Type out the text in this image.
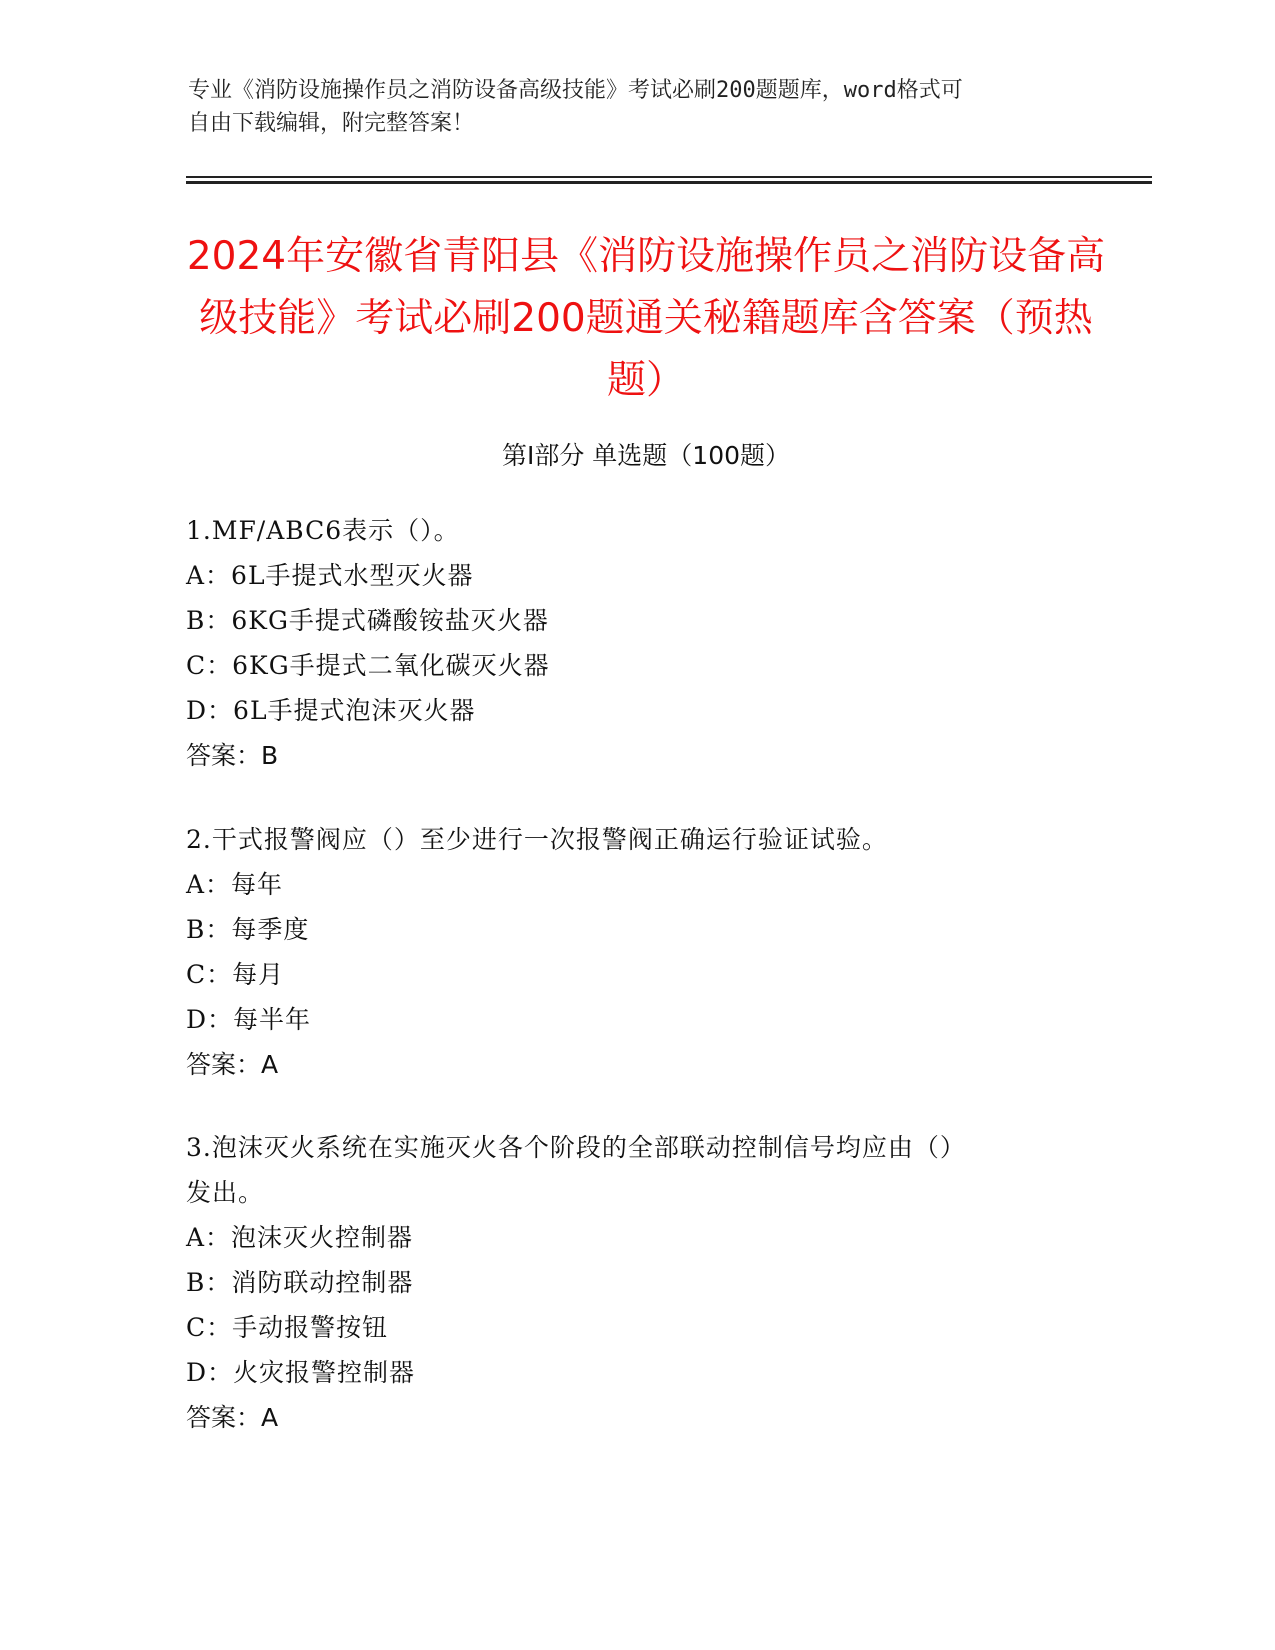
专业《消防设施操作员之消防设备高级技能》考试必刷200题题库，word格式可
自由下载编辑，附完整答案！
2024年安徽省青阳县《消防设施操作员之消防设备高级技能》考试必刷200题通关秘籍题库含答案（预热题）
第Ⅰ部分 单选题（100题）

1.MF/ABC6表示（）。

A：6L手提式水型灭火器

B：6KG手提式磷酸铵盐灭火器

C：6KG手提式二氧化碳灭火器

D：6L手提式泡沫灭火器

答案：B

2.干式报警阀应（）至少进行一次报警阀正确运行验证试验。

A：每年

B：每季度

C：每月

D：每半年

答案：A

3.泡沫灭火系统在实施灭火各个阶段的全部联动控制信号均应由（）
发出。

A：泡沫灭火控制器

B：消防联动控制器

C：手动报警按钮

D：火灾报警控制器

答案：A
